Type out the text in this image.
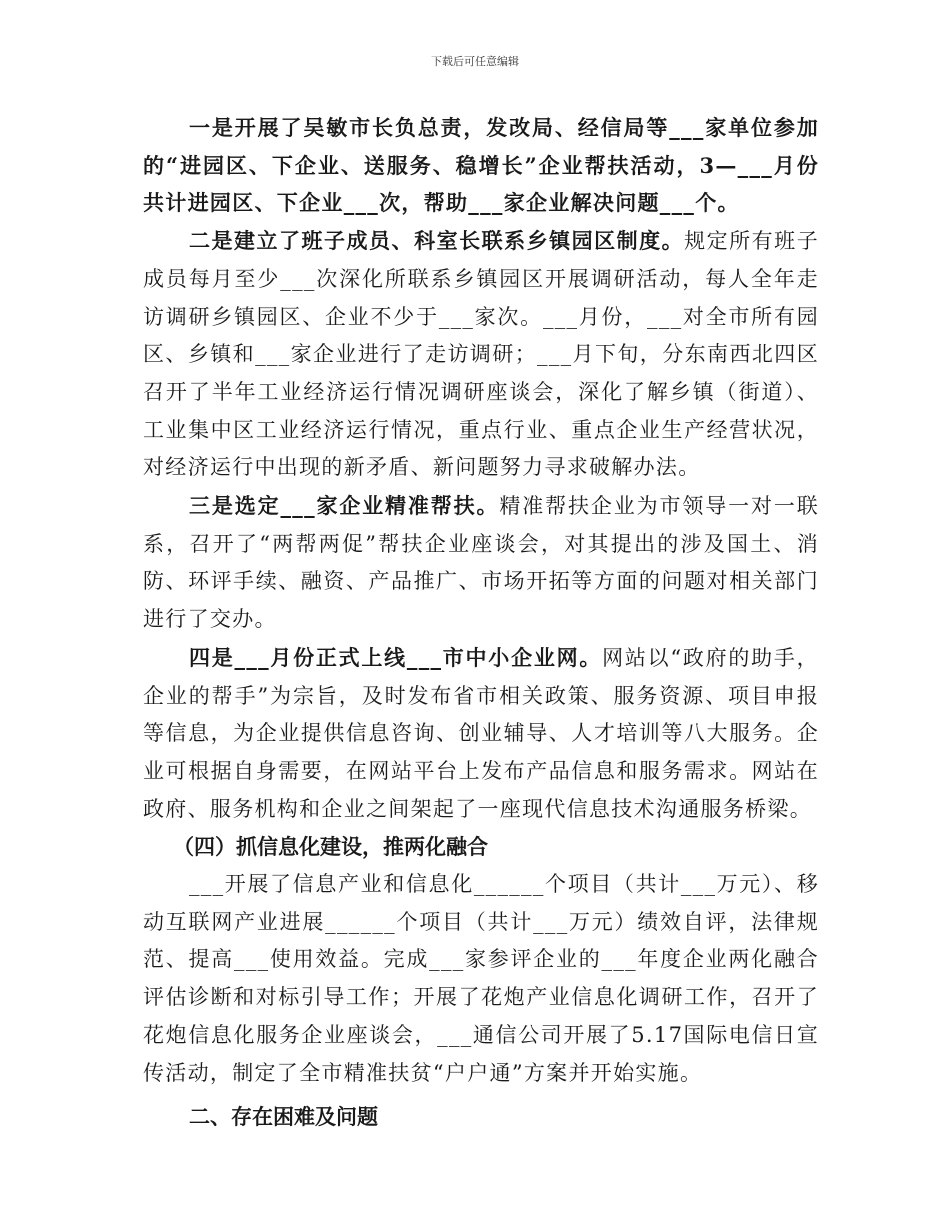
下载后可任意编辑

一是开展了吴敏市长负总责，发改局、经信局等___家单位参加的“进园区、下企业、送服务、稳增长”企业帮扶活动，3—___月份共计进园区、下企业___次，帮助___家企业解决问题___个。

二是建立了班子成员、科室长联系乡镇园区制度。规定所有班子成员每月至少___次深化所联系乡镇园区开展调研活动，每人全年走访调研乡镇园区、企业不少于___家次。___月份，___对全市所有园区、乡镇和___家企业进行了走访调研；___月下旬，分东南西北四区召开了半年工业经济运行情况调研座谈会，深化了解乡镇（街道）、工业集中区工业经济运行情况，重点行业、重点企业生产经营状况，对经济运行中出现的新矛盾、新问题努力寻求破解办法。

三是选定___家企业精准帮扶。精准帮扶企业为市领导一对一联系，召开了“两帮两促”帮扶企业座谈会，对其提出的涉及国土、消防、环评手续、融资、产品推广、市场开拓等方面的问题对相关部门进行了交办。

四是___月份正式上线___市中小企业网。网站以“政府的助手，企业的帮手”为宗旨，及时发布省市相关政策、服务资源、项目申报等信息，为企业提供信息咨询、创业辅导、人才培训等八大服务。企业可根据自身需要，在网站平台上发布产品信息和服务需求。网站在政府、服务机构和企业之间架起了一座现代信息技术沟通服务桥梁。

（四）抓信息化建设，推两化融合

___开展了信息产业和信息化______个项目（共计___万元）、移动互联网产业进展______个项目（共计___万元）绩效自评，法律规范、提高___使用效益。完成___家参评企业的___年度企业两化融合评估诊断和对标引导工作；开展了花炮产业信息化调研工作，召开了花炮信息化服务企业座谈会，___通信公司开展了5.17国际电信日宣传活动，制定了全市精准扶贫“户户通”方案并开始实施。

二、存在困难及问题
